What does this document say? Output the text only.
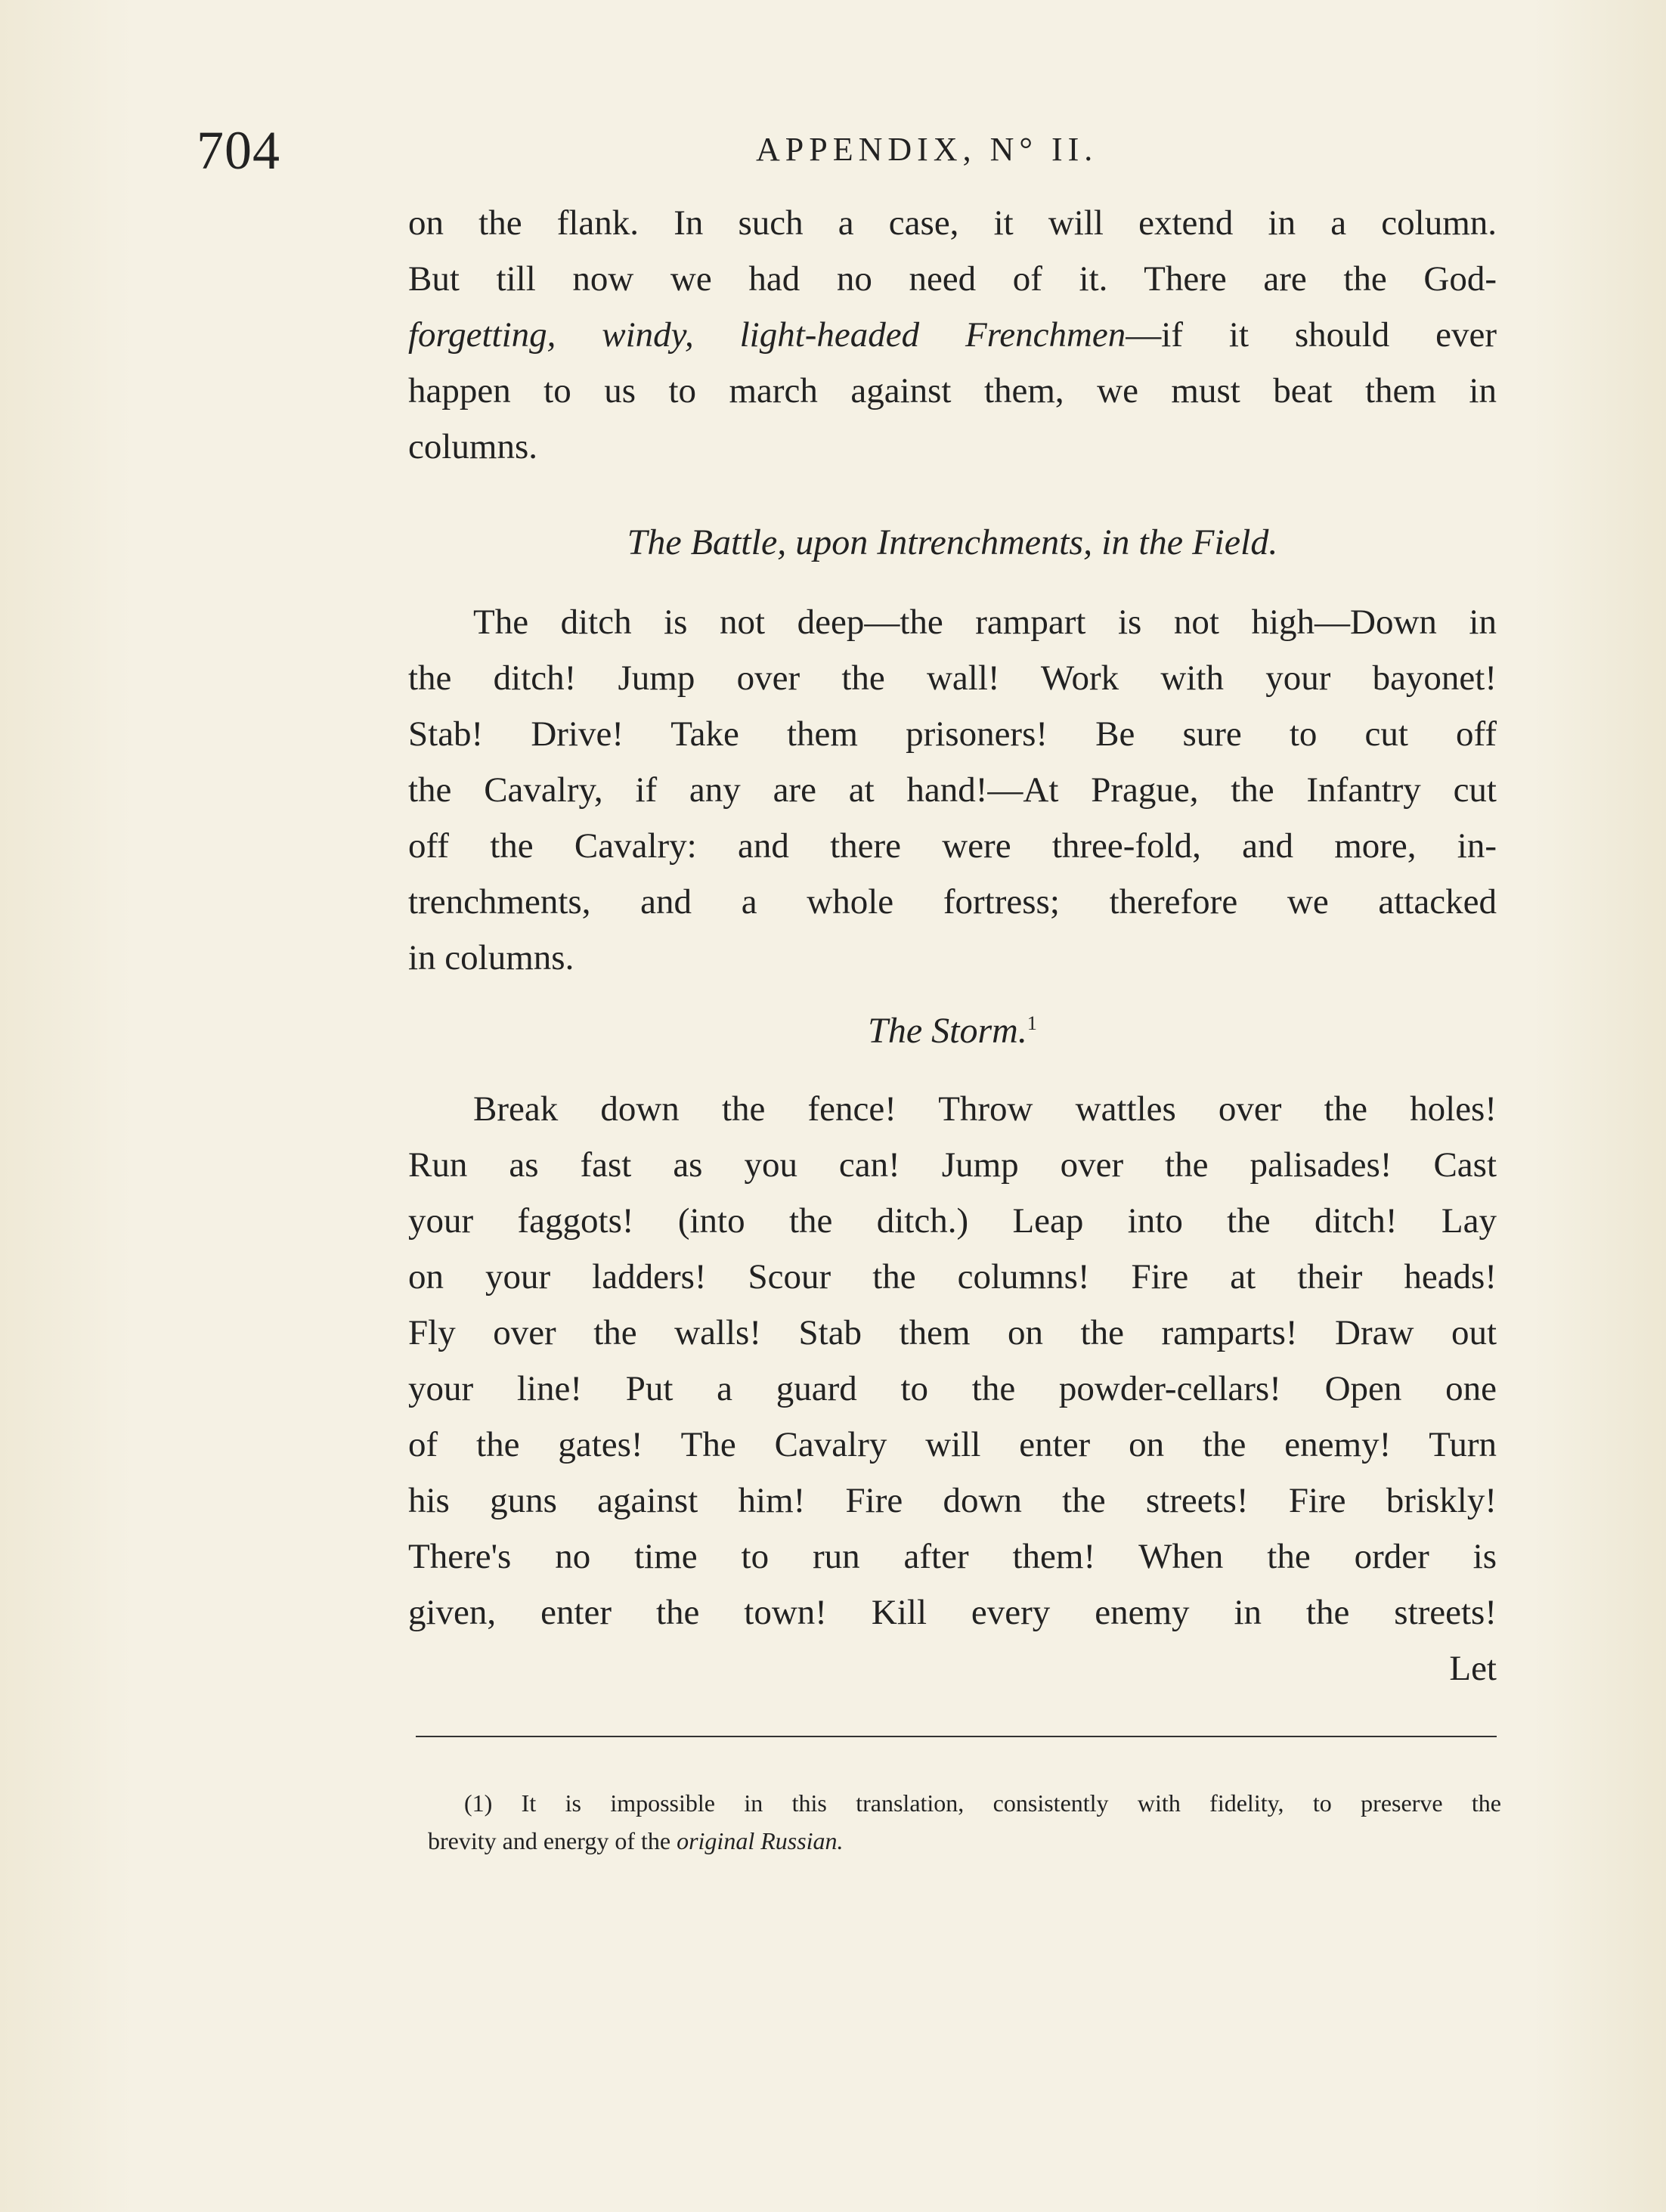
704	APPENDIX, N° II.
on the flank. In such a case, it will extend in a column.
But till now we had no need of it. There are the God-
forgetting, windy, light-headed Frenchmen—if it should ever
happen to us to march against them, we must beat them in
columns.
The Battle, upon Intrenchments, in the Field.
The ditch is not deep—the rampart is not high—Down in
the ditch! Jump over the wall! Work with your bayonet!
Stab! Drive! Take them prisoners! Be sure to cut off
the Cavalry, if any are at hand!—At Prague, the Infantry cut
off the Cavalry: and there were three-fold, and more, in-
trenchments, and a whole fortress; therefore we attacked
in columns.
The Storm.$^1$
Break down the fence! Throw wattles over the holes!
Run as fast as you can! Jump over the palisades! Cast
your faggots! (into the ditch.) Leap into the ditch! Lay
on your ladders! Scour the columns! Fire at their heads!
Fly over the walls! Stab them on the ramparts! Draw out
your line! Put a guard to the powder-cellars! Open one
of the gates! The Cavalry will enter on the enemy! Turn
his guns against him! Fire down the streets! Fire briskly!
There's no time to run after them! When the order is
given, enter the town! Kill every enemy in the streets!
Let
(1) It is impossible in this translation, consistently with fidelity, to preserve the
brevity and energy of the original Russian.
